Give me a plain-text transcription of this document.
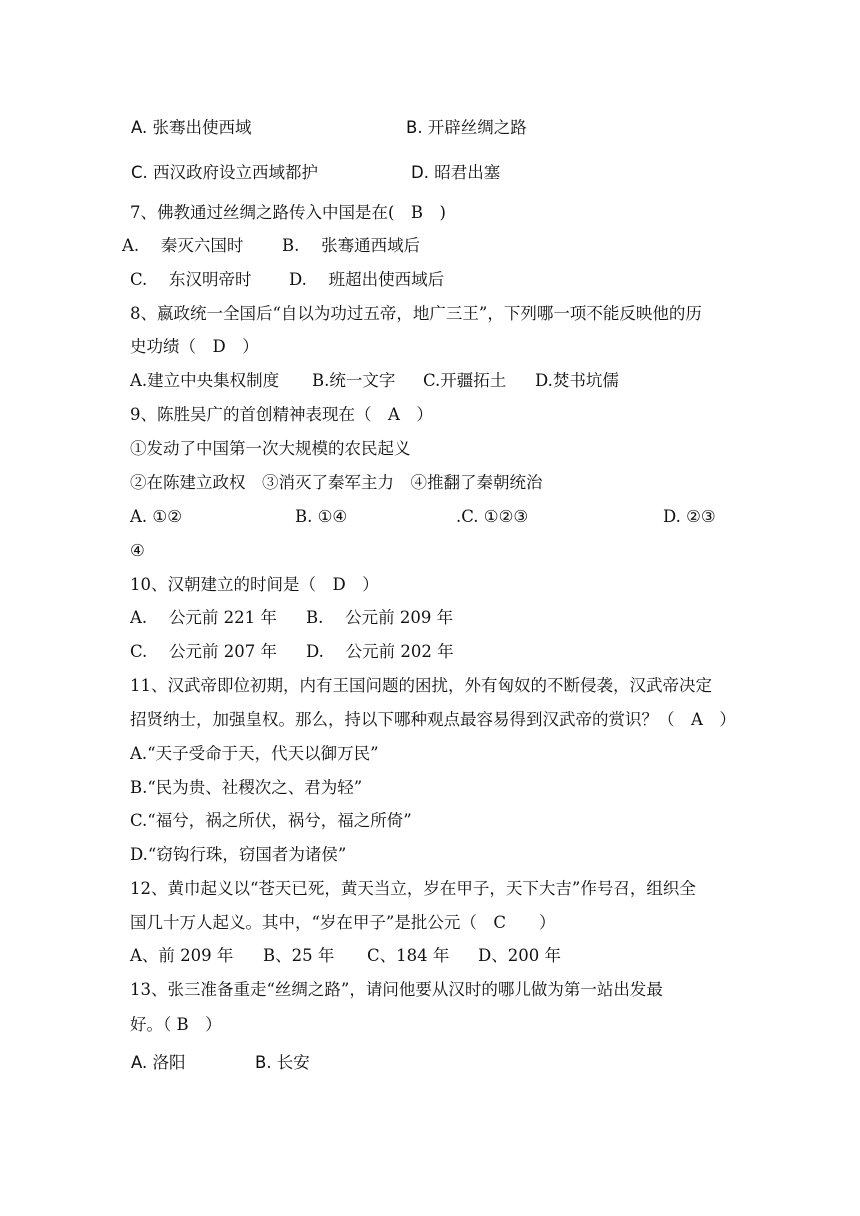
A. 张骞出使西域	B. 开辟丝绸之路
C. 西汉政府设立西域都护	D. 昭君出塞
7、佛教通过丝绸之路传入中国是在(　B　)
A.　 秦灭六国时 B.　 张骞通西域后
C.　 东汉明帝时 D.　 班超出使西域后
8、嬴政统一全国后“自以为功过五帝，地广三王”，下列哪一项不能反映他的历
史功绩（　D　）
A.建立中央集权制度 B.统一文字 C.开疆拓土 D.焚书坑儒
9、陈胜吴广的首创精神表现在（　A　）
①发动了中国第一次大规模的农民起义
②在陈建立政权　③消灭了秦军主力　④推翻了秦朝统治
A. ①②	B. ①④	.C. ①②③	D. ②③
④
10、汉朝建立的时间是（　D　）
A.　 公元前 221 年 B.　 公元前 209 年
C.　 公元前 207 年 D.　 公元前 202 年
11、汉武帝即位初期，内有王国问题的困扰，外有匈奴的不断侵袭，汉武帝决定
招贤纳士，加强皇权。那么，持以下哪种观点最容易得到汉武帝的赏识？（　A　）
A.“天子受命于天，代天以御万民”
B.“民为贵、社稷次之、君为轻”
C.“福兮，祸之所伏，祸兮，福之所倚”
D.“窃钩行珠，窃国者为诸侯”
12、黄巾起义以“苍天已死，黄天当立，岁在甲子，天下大吉”作号召，组织全
国几十万人起义。其中，“岁在甲子”是批公元（　C　　）
A、前 209 年 B、25 年 C、184 年 D、200 年
13、张三准备重走“丝绸之路”，请问他要从汉时的哪儿做为第一站出发最
好。（ B　）
A. 洛阳	B. 长安
